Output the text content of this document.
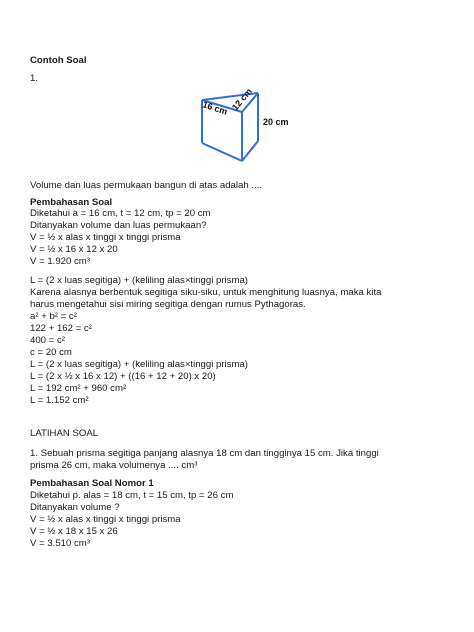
Contoh Soal
1.
16 cm 12 cm
20 cm
Volume dan luas permukaan bangun di atas adalah ....
Pembahasan Soal
Diketahui a = 16 cm, t = 12 cm, tp = 20 cm
Ditanyakan volume dan luas permukaan?
V = ½ x alas x tinggi x tinggi prisma
V = ½ x 16 x 12 x 20
V = 1.920 cm³
L = (2 x luas segitiga) + (keliling alas×tinggi prisma)
Karena alasnya berbentuk segitiga siku-siku, untuk menghitung luasnya, maka kita
harus mengetahui sisi miring segitiga dengan rumus Pythagoras.
a² + b² = c²
122 + 162 = c²
400 = c²
c = 20 cm
L = (2 x luas segitiga) + (keliling alas×tinggi prisma)
L = (2 x ½ x 16 x 12) + ((16 + 12 + 20) x 20)
L = 192 cm² + 960 cm²
L = 1.152 cm²
LATIHAN SOAL
1. Sebuah prisma segitiga panjang alasnya 18 cm dan tingginya 15 cm. Jika tinggi
prisma 26 cm, maka volumenya .... cm³
Pembahasan Soal Nomor 1
Diketahui p. alas = 18 cm, t = 15 cm, tp = 26 cm
Ditanyakan volume ?
V = ½ x alas x tinggi x tinggi prisma
V = ½ x 18 x 15 x 26
V = 3.510 cm³
